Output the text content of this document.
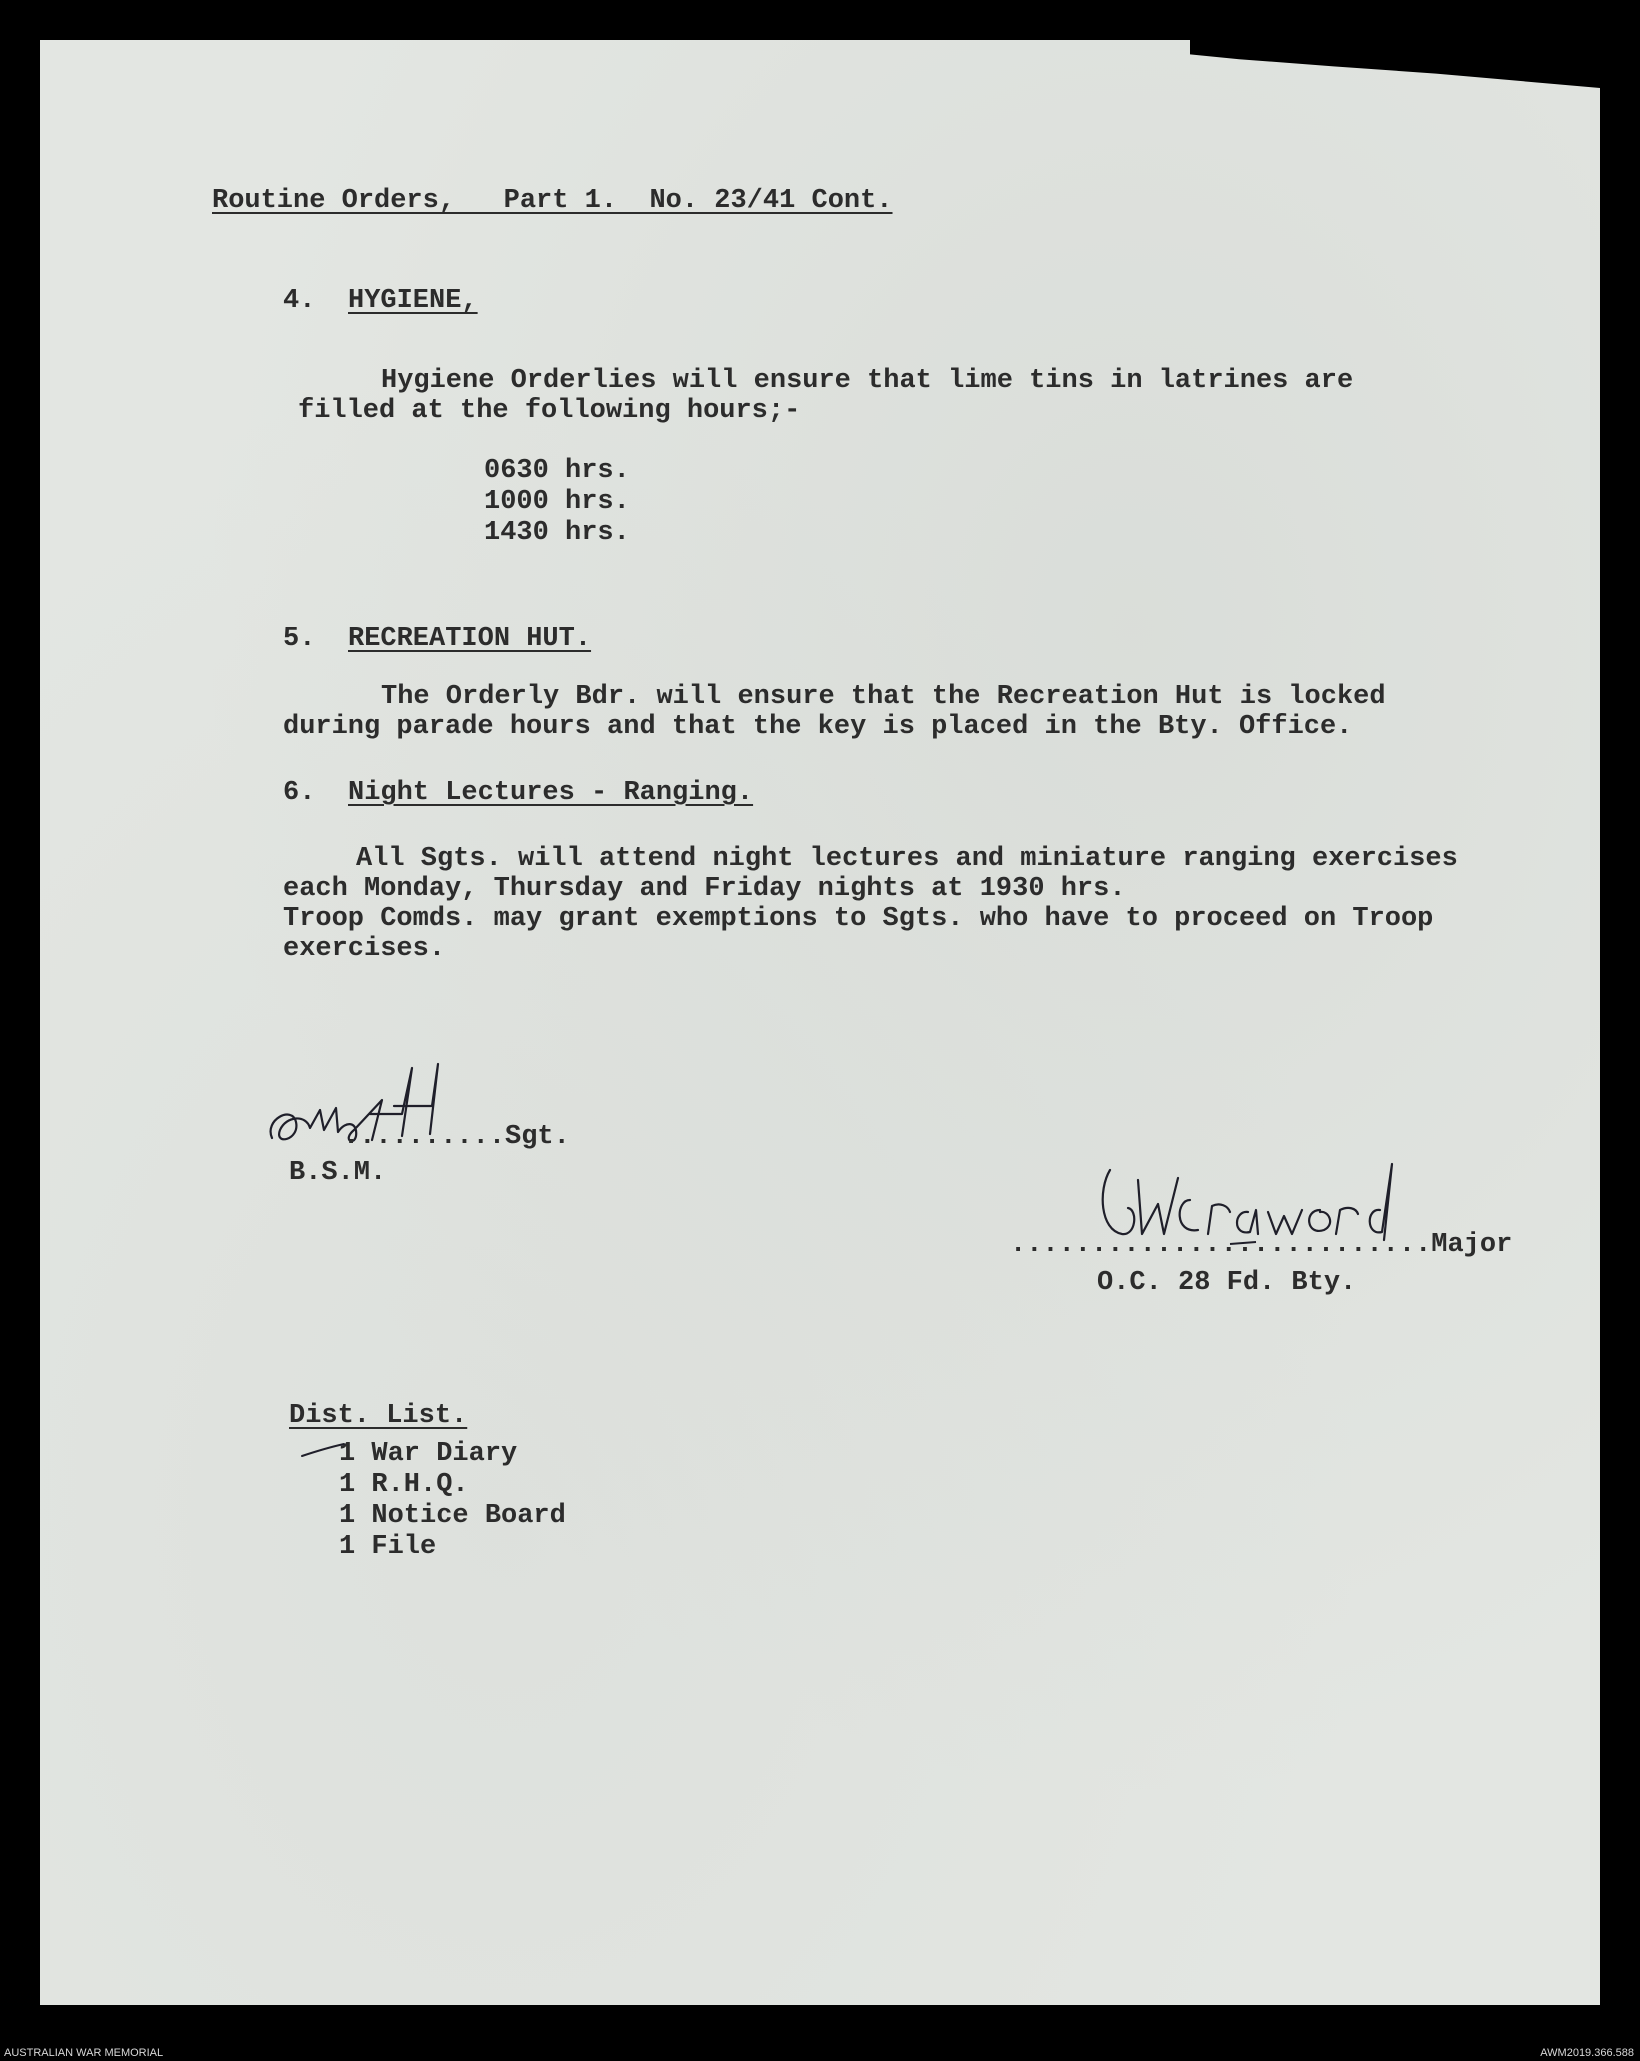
Routine Orders,   Part 1.  No. 23/41 Cont.
4. HYGIENE,
Hygiene Orderlies will ensure that lime tins in latrines are
filled at the following hours;-
0630 hrs.
1000 hrs.
1430 hrs.
5. RECREATION HUT.
The Orderly Bdr. will ensure that the Recreation Hut is locked
during parade hours and that the key is placed in the Bty. Office.
6. Night Lectures - Ranging.
All Sgts. will attend night lectures and miniature ranging exercises
each Monday, Thursday and Friday nights at 1930 hrs.
Troop Comds. may grant exemptions to Sgts. who have to proceed on Troop
exercises.
..........Sgt.
B.S.M.
..........................Major
O.C. 28 Fd. Bty.
Dist. List.
1 War Diary
1 R.H.Q.
1 Notice Board
1 File
AUSTRALIAN WAR MEMORIAL	AWM2019.366.588
